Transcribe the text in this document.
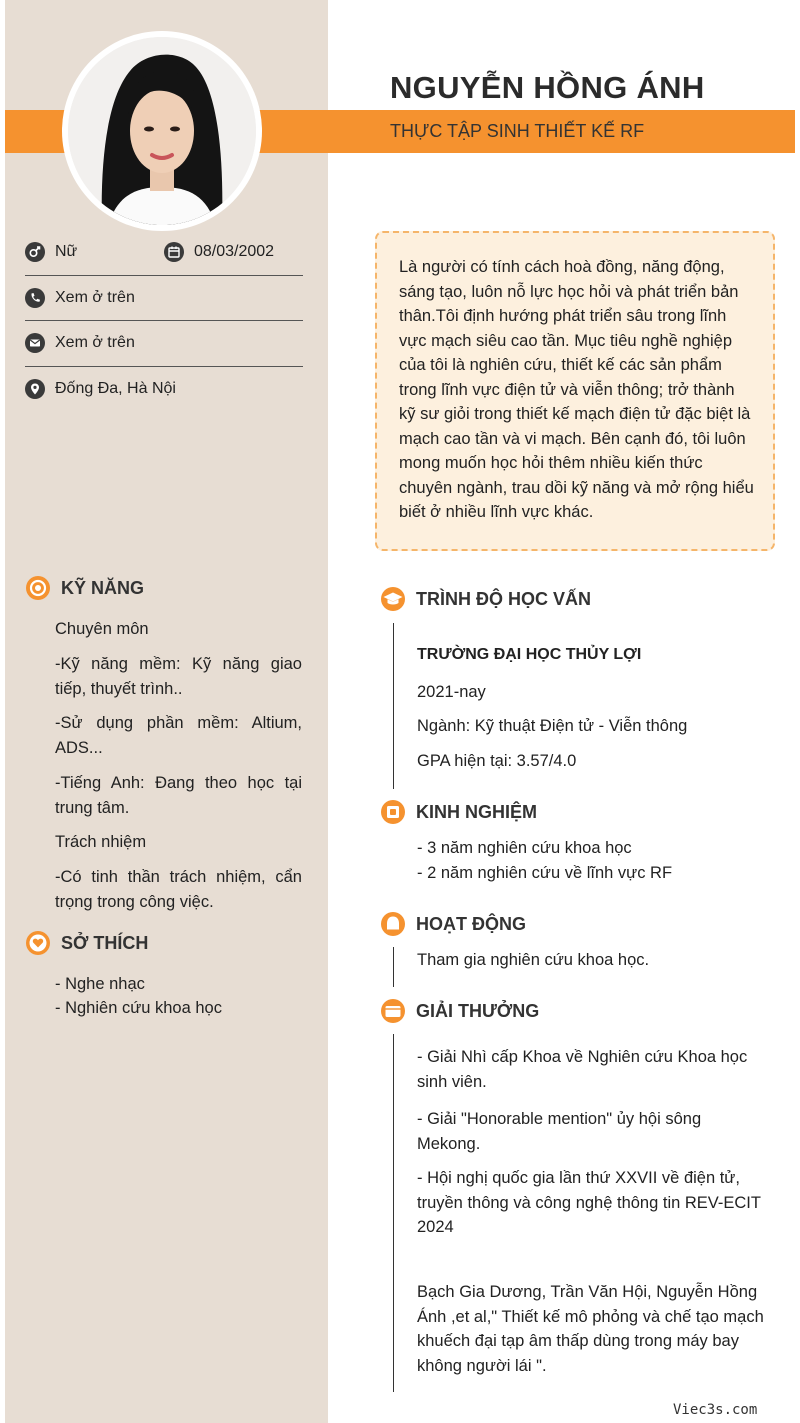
NGUYỄN HỒNG ÁNH
THỰC TẬP SINH THIẾT KẾ RF
Nữ	08/03/2002
Xem ở trên
Xem ở trên
Đống Đa, Hà Nội
Là người có tính cách hoà đồng, năng động, sáng tạo, luôn nỗ lực học hỏi và phát triển bản thân.Tôi định hướng phát triển sâu trong lĩnh vực mạch siêu cao tần. Mục tiêu nghề nghiệp của tôi là nghiên cứu, thiết kế các sản phẩm trong lĩnh vực điện tử và viễn thông; trở thành kỹ sư giỏi trong thiết kế mạch điện tử đặc biệt là mạch cao tần và vi mạch. Bên cạnh đó, tôi luôn mong muốn học hỏi thêm nhiều kiến thức chuyên ngành, trau dồi kỹ năng và mở rộng hiểu biết ở nhiều lĩnh vực khác.
KỸ NĂNG
Chuyên môn
-Kỹ năng mềm: Kỹ năng giao tiếp, thuyết trình..
-Sử dụng phần mềm: Altium, ADS...
-Tiếng Anh: Đang theo học tại trung tâm.
Trách nhiệm
-Có tinh thần trách nhiệm, cẩn trọng trong công việc.
SỞ THÍCH
- Nghe nhạc
- Nghiên cứu khoa học
TRÌNH ĐỘ HỌC VẤN
TRƯỜNG ĐẠI HỌC THỦY LỢI
2021-nay
Ngành: Kỹ thuật Điện tử - Viễn thông
GPA hiện tại: 3.57/4.0
KINH NGHIỆM
- 3 năm nghiên cứu khoa học
- 2 năm nghiên cứu về lĩnh vực RF
HOẠT ĐỘNG
Tham gia nghiên cứu khoa học.
GIẢI THƯỞNG
- Giải Nhì cấp Khoa về Nghiên cứu Khoa học sinh viên.
- Giải "Honorable mention" ủy hội sông Mekong.
- Hội nghị quốc gia lần thứ XXVII về điện tử, truyền thông và công nghệ thông tin REV-ECIT 2024
Bạch Gia Dương, Trần Văn Hội, Nguyễn Hồng Ánh ,et al," Thiết kế mô phỏng và chế tạo mạch khuếch đại tạp âm thấp dùng trong máy bay không người lái ".
Viec3s.com
